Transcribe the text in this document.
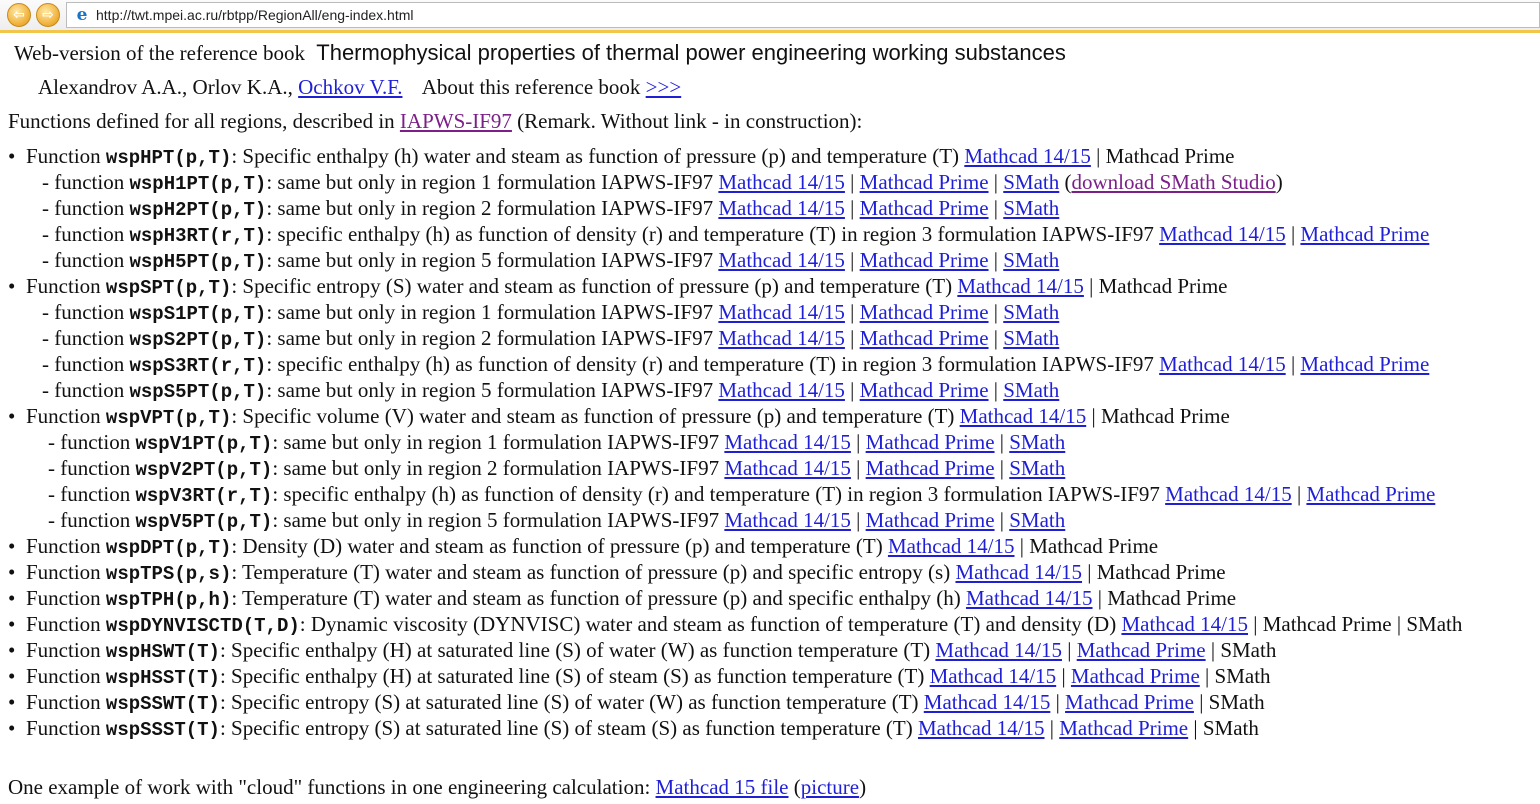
⇦	⇨	e http://twt.mpei.ac.ru/rbtpp/RegionAll/eng-index.html
Web-version of the reference book Thermophysical properties of thermal power engineering working substances
Alexandrov A.A., Orlov K.A., Ochkov V.F. About this reference book >>>
Functions defined for all regions, described in IAPWS-IF97 (Remark. Without link - in construction):
• Function wspHPT(p,T): Specific enthalpy (h) water and steam as function of pressure (p) and temperature (T) Mathcad 14/15 | Mathcad Prime
- function wspH1PT(p,T): same but only in region 1 formulation IAPWS-IF97 Mathcad 14/15 | Mathcad Prime | SMath (download SMath Studio)
- function wspH2PT(p,T): same but only in region 2 formulation IAPWS-IF97 Mathcad 14/15 | Mathcad Prime | SMath
- function wspH3RT(r,T): specific enthalpy (h) as function of density (r) and temperature (T) in region 3 formulation IAPWS-IF97 Mathcad 14/15 | Mathcad Prime
- function wspH5PT(p,T): same but only in region 5 formulation IAPWS-IF97 Mathcad 14/15 | Mathcad Prime | SMath
• Function wspSPT(p,T): Specific entropy (S) water and steam as function of pressure (p) and temperature (T) Mathcad 14/15 | Mathcad Prime
- function wspS1PT(p,T): same but only in region 1 formulation IAPWS-IF97 Mathcad 14/15 | Mathcad Prime | SMath
- function wspS2PT(p,T): same but only in region 2 formulation IAPWS-IF97 Mathcad 14/15 | Mathcad Prime | SMath
- function wspS3RT(r,T): specific enthalpy (h) as function of density (r) and temperature (T) in region 3 formulation IAPWS-IF97 Mathcad 14/15 | Mathcad Prime
- function wspS5PT(p,T): same but only in region 5 formulation IAPWS-IF97 Mathcad 14/15 | Mathcad Prime | SMath
• Function wspVPT(p,T): Specific volume (V) water and steam as function of pressure (p) and temperature (T) Mathcad 14/15 | Mathcad Prime
- function wspV1PT(p,T): same but only in region 1 formulation IAPWS-IF97 Mathcad 14/15 | Mathcad Prime | SMath
- function wspV2PT(p,T): same but only in region 2 formulation IAPWS-IF97 Mathcad 14/15 | Mathcad Prime | SMath
- function wspV3RT(r,T): specific enthalpy (h) as function of density (r) and temperature (T) in region 3 formulation IAPWS-IF97 Mathcad 14/15 | Mathcad Prime
- function wspV5PT(p,T): same but only in region 5 formulation IAPWS-IF97 Mathcad 14/15 | Mathcad Prime | SMath
• Function wspDPT(p,T): Density (D) water and steam as function of pressure (p) and temperature (T) Mathcad 14/15 | Mathcad Prime
• Function wspTPS(p,s): Temperature (T) water and steam as function of pressure (p) and specific entropy (s) Mathcad 14/15 | Mathcad Prime
• Function wspTPH(p,h): Temperature (T) water and steam as function of pressure (p) and specific enthalpy (h) Mathcad 14/15 | Mathcad Prime
• Function wspDYNVISCTD(T,D): Dynamic viscosity (DYNVISC) water and steam as function of temperature (T) and density (D) Mathcad 14/15 | Mathcad Prime | SMath
• Function wspHSWT(T): Specific enthalpy (H) at saturated line (S) of water (W) as function temperature (T) Mathcad 14/15 | Mathcad Prime | SMath
• Function wspHSST(T): Specific enthalpy (H) at saturated line (S) of steam (S) as function temperature (T) Mathcad 14/15 | Mathcad Prime | SMath
• Function wspSSWT(T): Specific entropy (S) at saturated line (S) of water (W) as function temperature (T) Mathcad 14/15 | Mathcad Prime | SMath
• Function wspSSST(T): Specific entropy (S) at saturated line (S) of steam (S) as function temperature (T) Mathcad 14/15 | Mathcad Prime | SMath
One example of work with "cloud" functions in one engineering calculation: Mathcad 15 file (picture)
